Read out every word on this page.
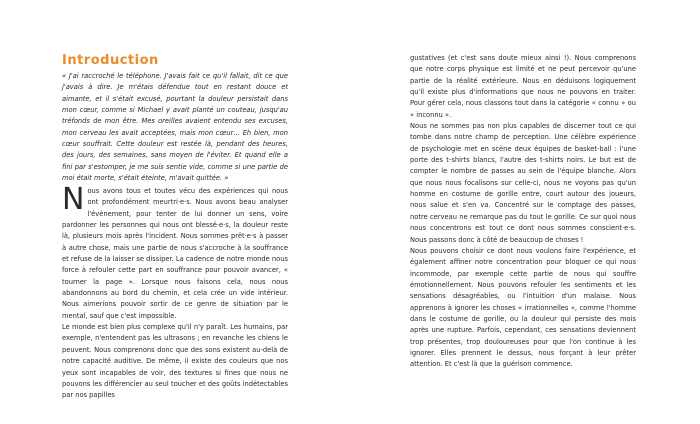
Introduction

« J'ai raccroché le téléphone. J'avais fait ce qu'il fallait, dit ce que j'avais à dire. Je m'étais défendue tout en restant douce et aimante, et il s'était excusé, pourtant la douleur persistait dans mon cœur, comme si Michael y avait planté un couteau, jusqu'au tréfonds de mon être. Mes oreilles avaient entendu ses excuses, mon cerveau les avait acceptées, mais mon cœur… Eh bien, mon cœur souffrait. Cette douleur est restée là, pendant des heures, des jours, des semaines, sans moyen de l'éviter. Et quand elle a fini par s'estomper, je me suis sentie vide, comme si une partie de moi était morte, s'était éteinte, m'avait quittée. »

Nous avons tous et toutes vécu des expériences qui nous ont profondément meurtri·e·s. Nous avons beau analyser l'événement, pour tenter de lui donner un sens, voire pardonner les personnes qui nous ont blessé·e·s, la douleur reste là, plusieurs mois après l'incident. Nous sommes prêt·e·s à passer à autre chose, mais une partie de nous s'accroche à la souffrance et refuse de la laisser se dissiper. La cadence de notre monde nous force à refouler cette part en souffrance pour pouvoir avancer, « tourner la page ». Lorsque nous faisons cela, nous nous abandonnons au bord du chemin, et cela crée un vide intérieur. Nous aimerions pouvoir sortir de ce genre de situation par le mental, sauf que c'est impossible.

Le monde est bien plus complexe qu'il n'y paraît. Les humains, par exemple, n'entendent pas les ultrasons ; en revanche les chiens le peuvent. Nous comprenons donc que des sons existent au-delà de notre capacité auditive. De même, il existe des couleurs que nos yeux sont incapables de voir, des textures si fines que nous ne pouvons les différencier au seul toucher et des goûts indétectables par nos papilles

gustatives (et c'est sans doute mieux ainsi !). Nous comprenons que notre corps physique est limité et ne peut percevoir qu'une partie de la réalité extérieure. Nous en déduisons logiquement qu'il existe plus d'informations que nous ne pouvons en traiter. Pour gérer cela, nous classons tout dans la catégorie « connu » ou « inconnu ».

Nous ne sommes pas non plus capables de discerner tout ce qui tombe dans notre champ de perception. Une célèbre expérience de psychologie met en scène deux équipes de basket-ball : l'une porte des t-shirts blancs, l'autre des t-shirts noirs. Le but est de compter le nombre de passes au sein de l'équipe blanche. Alors que nous nous focalisons sur celle-ci, nous ne voyons pas qu'un homme en costume de gorille entre, court autour des joueurs, nous salue et s'en va. Concentré sur le comptage des passes, notre cerveau ne remarque pas du tout le gorille. Ce sur quoi nous nous concentrons est tout ce dont nous sommes conscient·e·s. Nous passons donc à côté de beaucoup de choses !

Nous pouvons choisir ce dont nous voulons faire l'expérience, et également affiner notre concentration pour bloquer ce qui nous incommode, par exemple cette partie de nous qui souffre émotionnellement. Nous pouvons refouler les sentiments et les sensations désagréables, ou l'intuition d'un malaise. Nous apprenons à ignorer les choses « irrationnelles », comme l'homme dans le costume de gorille, ou la douleur qui persiste des mois après une rupture. Parfois, cependant, ces sensations deviennent trop présentes, trop douloureuses pour que l'on continue à les ignorer. Elles prennent le dessus, nous forçant à leur prêter attention. Et c'est là que la guérison commence.
